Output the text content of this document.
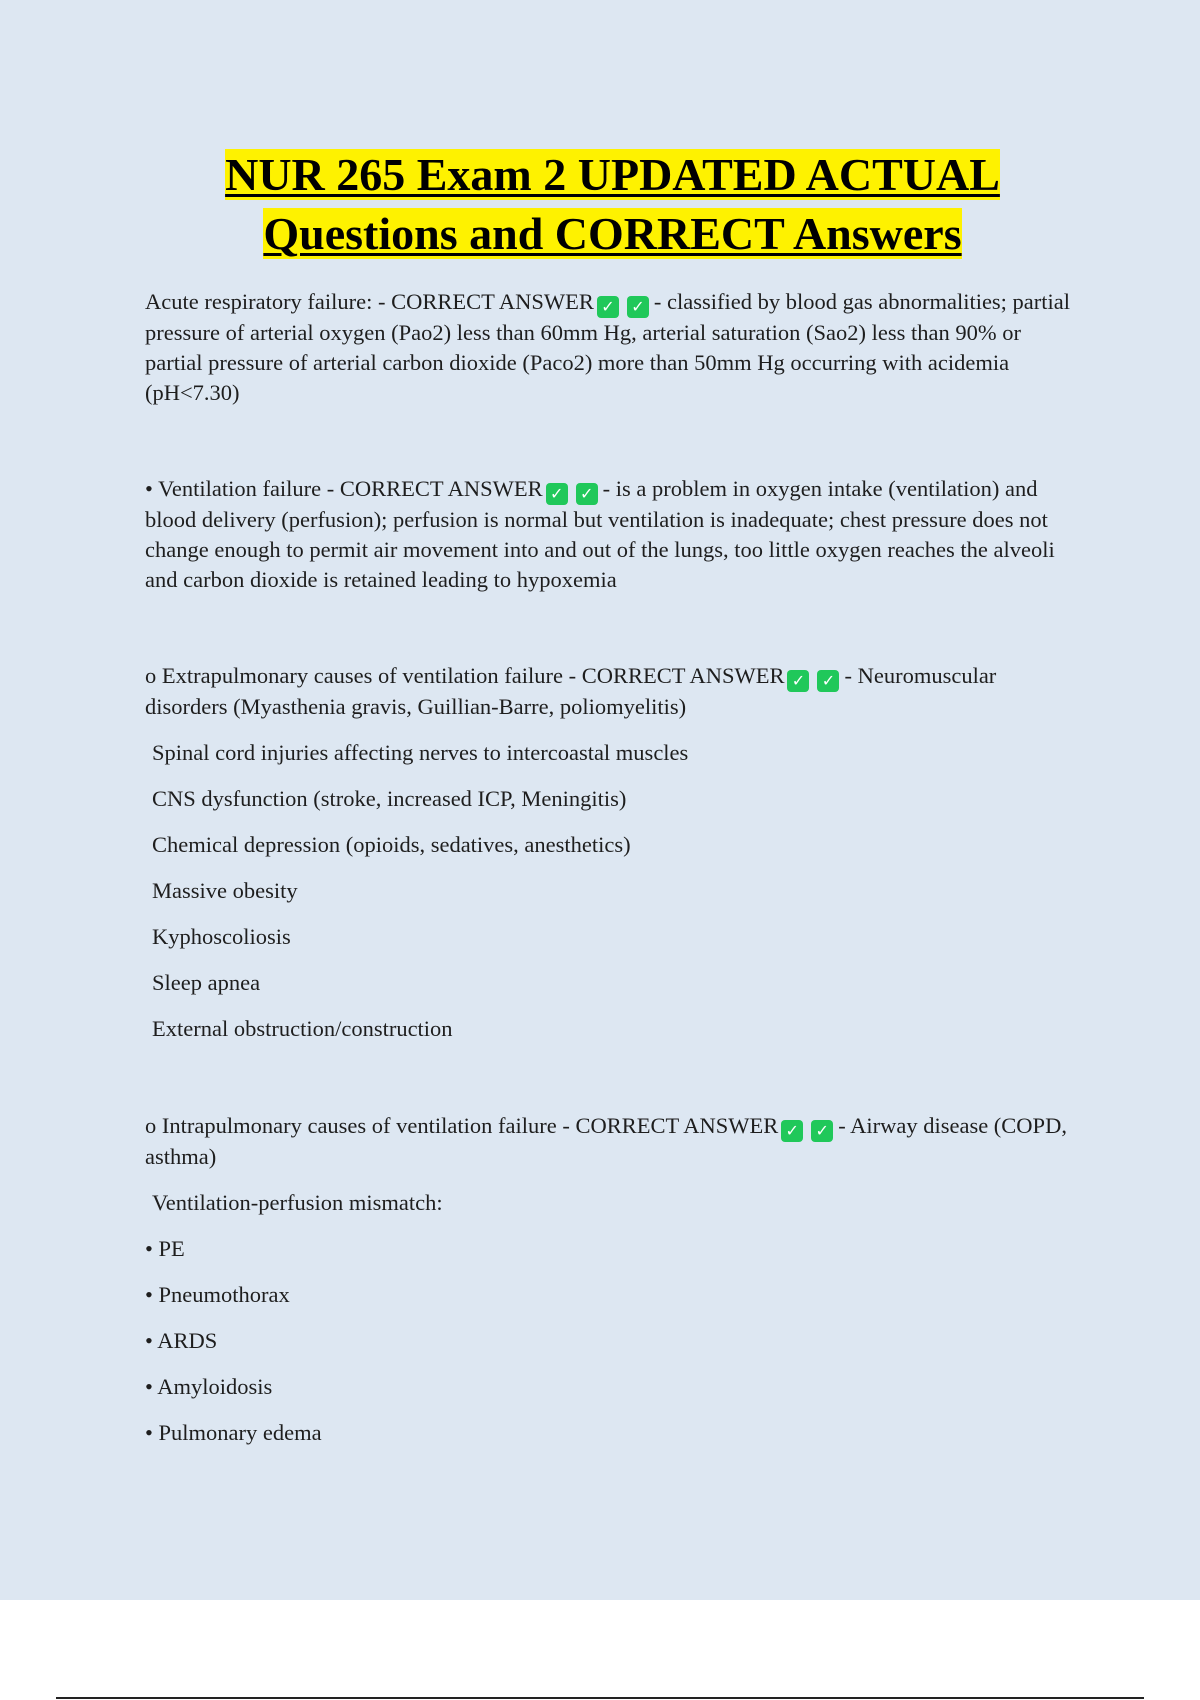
NUR 265 Exam 2 UPDATED ACTUAL
Questions and CORRECT Answers

Acute respiratory failure: - CORRECT ANSWER ✓ ✓ - classified by blood gas abnormalities; partial pressure of arterial oxygen (Pao2) less than 60mm Hg, arterial saturation (Sao2) less than 90% or partial pressure of arterial carbon dioxide (Paco2) more than 50mm Hg occurring with acidemia (pH<7.30)

• Ventilation failure - CORRECT ANSWER ✓ ✓ - is a problem in oxygen intake (ventilation) and blood delivery (perfusion); perfusion is normal but ventilation is inadequate; chest pressure does not change enough to permit air movement into and out of the lungs, too little oxygen reaches the alveoli and carbon dioxide is retained leading to hypoxemia

o Extrapulmonary causes of ventilation failure - CORRECT ANSWER ✓ ✓ - Neuromuscular disorders (Myasthenia gravis, Guillian-Barre, poliomyelitis)

Spinal cord injuries affecting nerves to intercoastal muscles

CNS dysfunction (stroke, increased ICP, Meningitis)

Chemical depression (opioids, sedatives, anesthetics)

Massive obesity

Kyphoscoliosis

Sleep apnea

External obstruction/construction

o Intrapulmonary causes of ventilation failure - CORRECT ANSWER ✓ ✓ - Airway disease (COPD, asthma)

Ventilation-perfusion mismatch:

• PE

• Pneumothorax

• ARDS

• Amyloidosis

• Pulmonary edema
